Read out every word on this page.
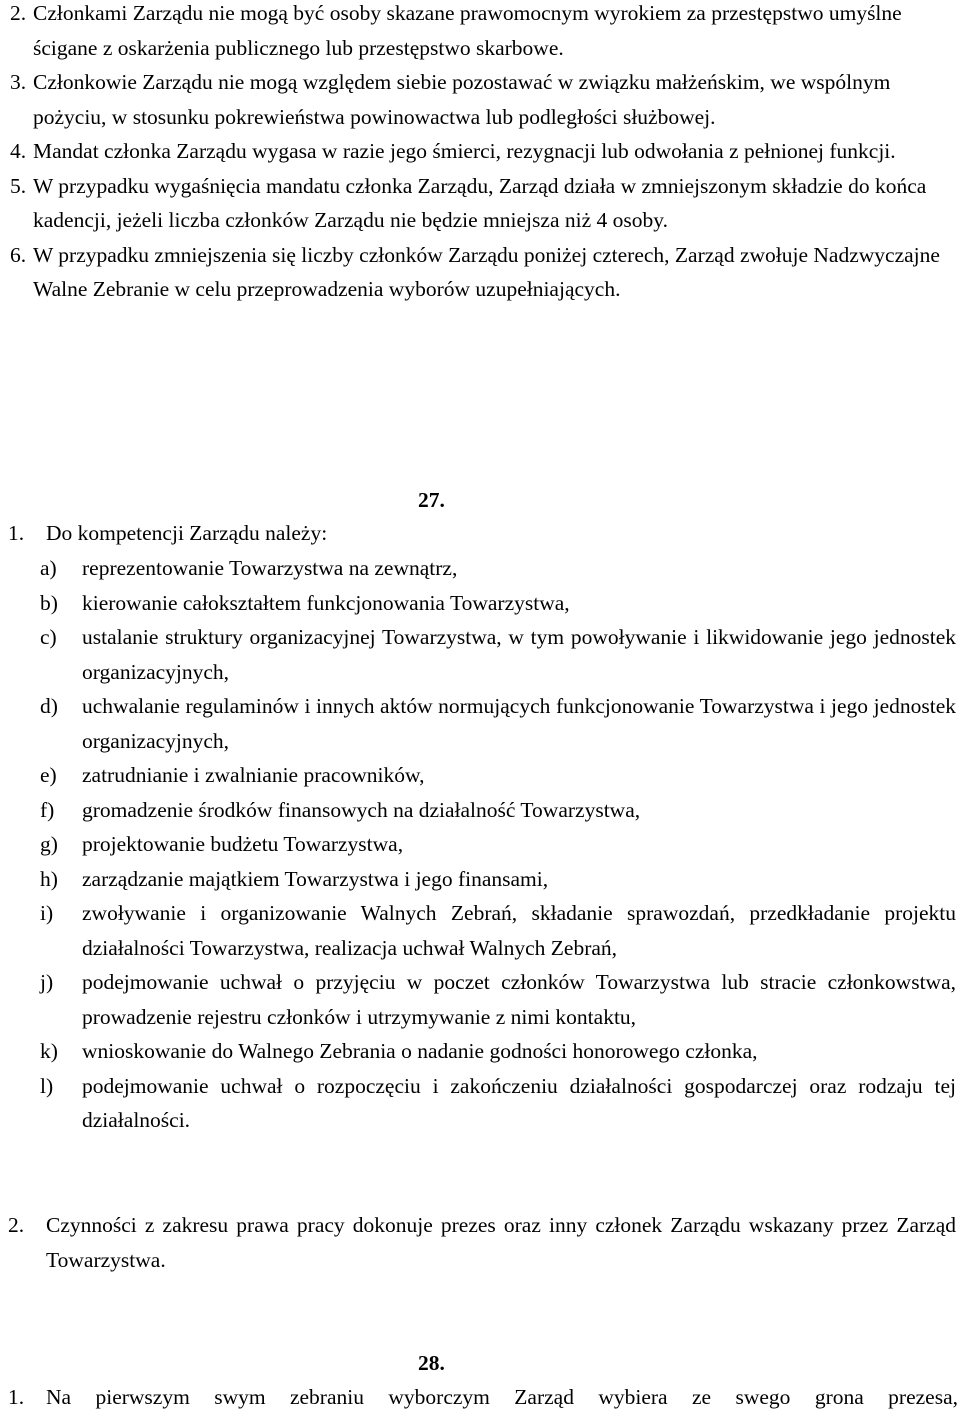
2. Członkami Zarządu nie mogą być osoby skazane prawomocnym wyrokiem za przestępstwo umyślne ścigane z oskarżenia publicznego lub przestępstwo skarbowe.
3. Członkowie Zarządu nie mogą względem siebie pozostawać w związku małżeńskim, we wspólnym pożyciu, w stosunku pokrewieństwa powinowactwa lub podległości służbowej.
4. Mandat członka Zarządu wygasa w razie jego śmierci, rezygnacji lub odwołania z pełnionej funkcji.
5. W przypadku wygaśnięcia mandatu członka Zarządu, Zarząd działa w zmniejszonym składzie do końca kadencji, jeżeli liczba członków Zarządu nie będzie mniejsza niż 4 osoby.
6. W przypadku zmniejszenia się liczby członków Zarządu poniżej czterech, Zarząd zwołuje Nadzwyczajne Walne Zebranie w celu przeprowadzenia wyborów uzupełniających.
27.
1.	Do kompetencji Zarządu należy:
a)	reprezentowanie Towarzystwa na zewnątrz,
b)	kierowanie całokształtem funkcjonowania Towarzystwa,
c)	ustalanie struktury organizacyjnej Towarzystwa, w tym powoływanie i likwidowanie jego jednostek organizacyjnych,
d)	uchwalanie regulaminów i innych aktów normujących funkcjonowanie Towarzystwa i jego jednostek organizacyjnych,
e)	zatrudnianie i zwalnianie pracowników,
f)	gromadzenie środków finansowych na działalność Towarzystwa,
g)	projektowanie budżetu Towarzystwa,
h)	zarządzanie majątkiem Towarzystwa i jego finansami,
i)	zwoływanie i organizowanie Walnych Zebrań, składanie sprawozdań, przedkładanie projektu działalności Towarzystwa, realizacja uchwał Walnych Zebrań,
j)	podejmowanie uchwał o przyjęciu w poczet członków Towarzystwa lub stracie członkowstwa, prowadzenie rejestru członków i utrzymywanie z nimi kontaktu,
k)	wnioskowanie do Walnego Zebrania o nadanie godności honorowego członka,
l)	podejmowanie uchwał o rozpoczęciu i zakończeniu działalności gospodarczej oraz rodzaju tej działalności.
2.	Czynności z zakresu prawa pracy dokonuje prezes oraz inny członek Zarządu wskazany przez Zarząd Towarzystwa.
28.
1.	Na pierwszym swym zebraniu wyborczym Zarząd wybiera ze swego grona prezesa,
